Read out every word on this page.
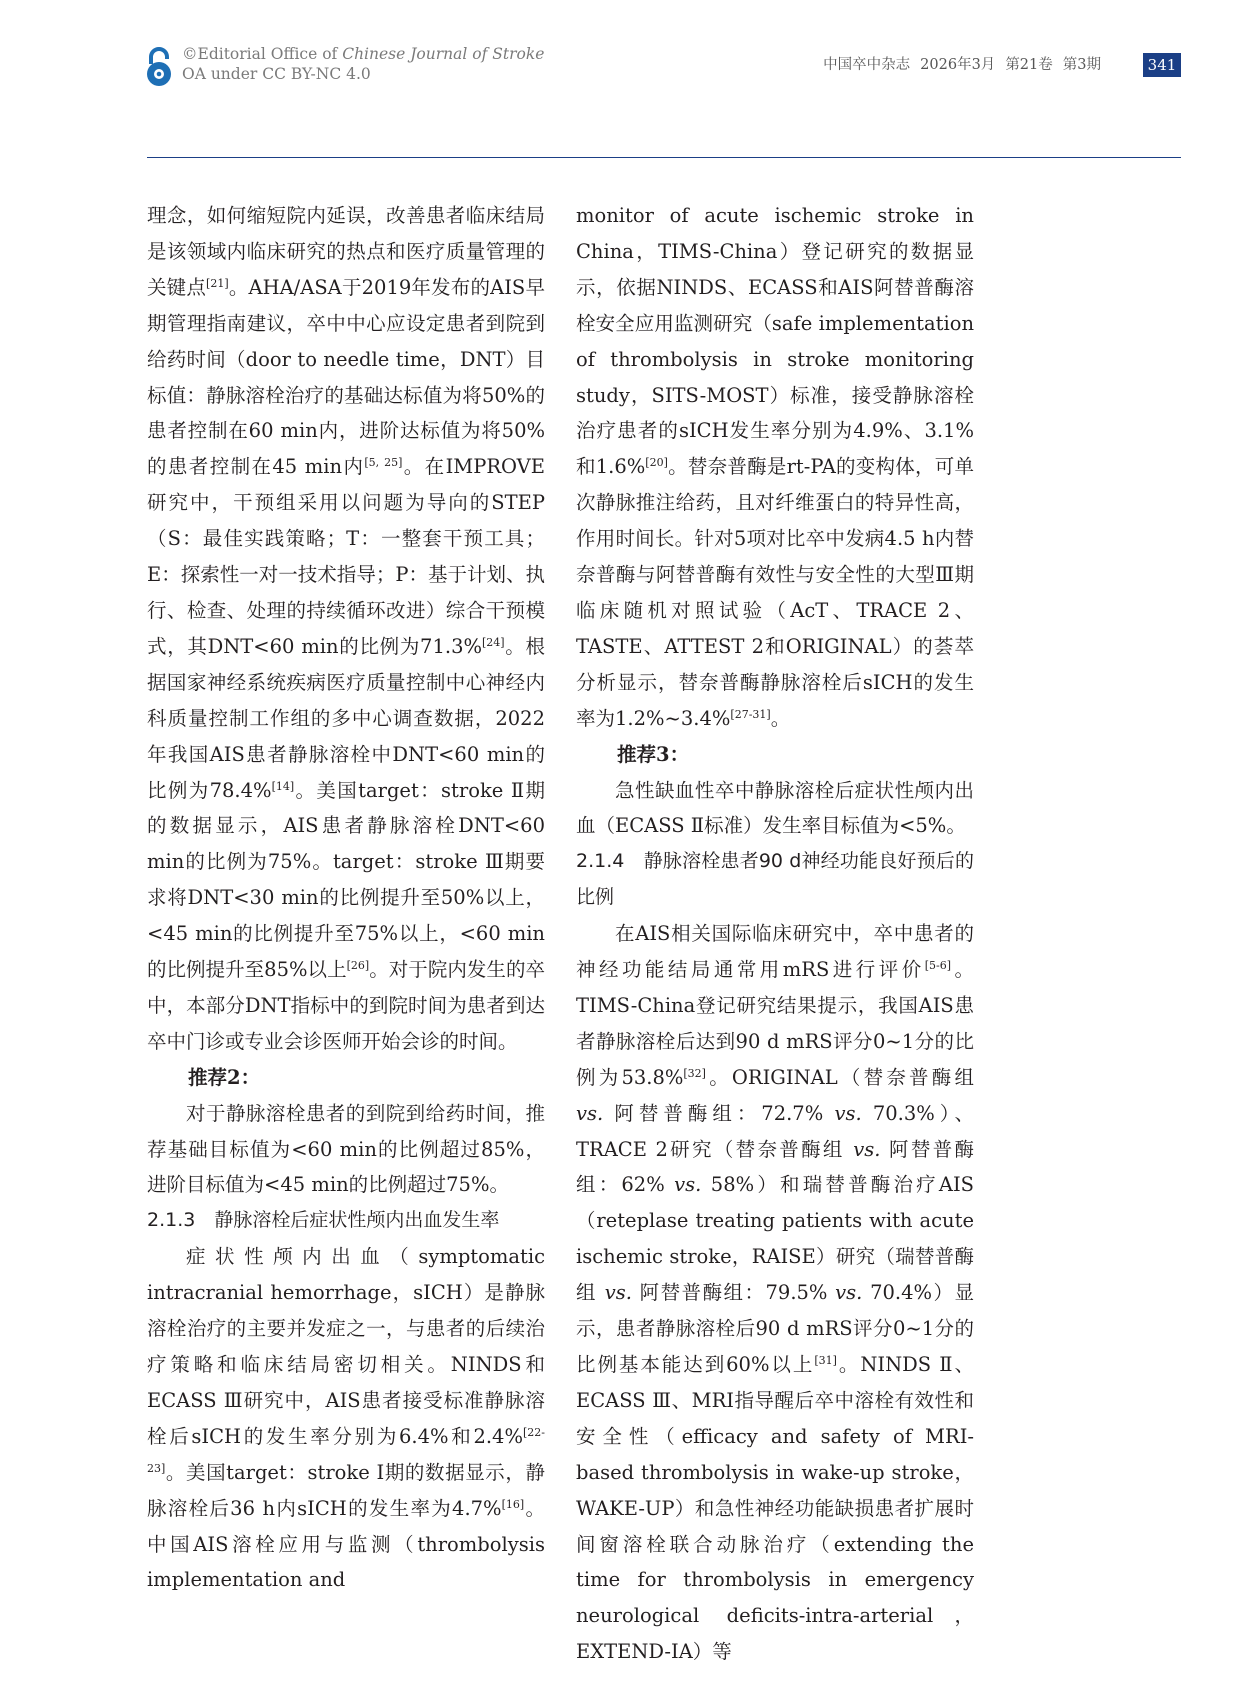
©Editorial Office of Chinese Journal of Stroke
OA under CC BY-NC 4.0	中国卒中杂志 2026年3月 第21卷 第3期	341

理念，如何缩短院内延误，改善患者临床结局是该领域内临床研究的热点和医疗质量管理的关键点[21]。AHA/ASA于2019年发布的AIS早期管理指南建议，卒中中心应设定患者到院到给药时间（door to needle time，DNT）目标值：静脉溶栓治疗的基础达标值为将50%的患者控制在60 min内，进阶达标值为将50%的患者控制在45 min内[5, 25]。在IMPROVE研究中，干预组采用以问题为导向的STEP（S：最佳实践策略；T：一整套干预工具；E：探索性一对一技术指导；P：基于计划、执行、检查、处理的持续循环改进）综合干预模式，其DNT<60 min的比例为71.3%[24]。根据国家神经系统疾病医疗质量控制中心神经内科质量控制工作组的多中心调查数据，2022年我国AIS患者静脉溶栓中DNT<60 min的比例为78.4%[14]。美国target：stroke Ⅱ期的数据显示，AIS患者静脉溶栓DNT<60 min的比例为75%。target：stroke Ⅲ期要求将DNT<30 min的比例提升至50%以上，<45 min的比例提升至75%以上，<60 min的比例提升至85%以上[26]。对于院内发生的卒中，本部分DNT指标中的到院时间为患者到达卒中门诊或专业会诊医师开始会诊的时间。

推荐2：

对于静脉溶栓患者的到院到给药时间，推荐基础目标值为<60 min的比例超过85%，进阶目标值为<45 min的比例超过75%。

2.1.3　静脉溶栓后症状性颅内出血发生率

症状性颅内出血（symptomatic intracranial hemorrhage，sICH）是静脉溶栓治疗的主要并发症之一，与患者的后续治疗策略和临床结局密切相关。NINDS和ECASS Ⅲ研究中，AIS患者接受标准静脉溶栓后sICH的发生率分别为6.4%和2.4%[22-23]。美国target：stroke Ⅰ期的数据显示，静脉溶栓后36 h内sICH的发生率为4.7%[16]。中国AIS溶栓应用与监测（thrombolysis implementation and

monitor of acute ischemic stroke in China，TIMS-China）登记研究的数据显示，依据NINDS、ECASS和AIS阿替普酶溶栓安全应用监测研究（safe implementation of thrombolysis in stroke monitoring study，SITS-MOST）标准，接受静脉溶栓治疗患者的sICH发生率分别为4.9%、3.1%和1.6%[20]。替奈普酶是rt-PA的变构体，可单次静脉推注给药，且对纤维蛋白的特异性高，作用时间长。针对5项对比卒中发病4.5 h内替奈普酶与阿替普酶有效性与安全性的大型Ⅲ期临床随机对照试验（AcT、TRACE 2、TASTE、ATTEST 2和ORIGINAL）的荟萃分析显示，替奈普酶静脉溶栓后sICH的发生率为1.2%~3.4%[27-31]。

推荐3：

急性缺血性卒中静脉溶栓后症状性颅内出血（ECASS Ⅱ标准）发生率目标值为<5%。

2.1.4　静脉溶栓患者90 d神经功能良好预后的比例

在AIS相关国际临床研究中，卒中患者的神经功能结局通常用mRS进行评价[5-6]。TIMS-China登记研究结果提示，我国AIS患者静脉溶栓后达到90 d mRS评分0~1分的比例为53.8%[32]。ORIGINAL（替奈普酶组 vs. 阿替普酶组：72.7% vs. 70.3%）、TRACE 2研究（替奈普酶组 vs. 阿替普酶组：62% vs. 58%）和瑞替普酶治疗AIS（reteplase treating patients with acute ischemic stroke，RAISE）研究（瑞替普酶组 vs. 阿替普酶组：79.5% vs. 70.4%）显示，患者静脉溶栓后90 d mRS评分0~1分的比例基本能达到60%以上[31]。NINDS Ⅱ、ECASS Ⅲ、MRI指导醒后卒中溶栓有效性和安全性（efficacy and safety of MRI-based thrombolysis in wake-up stroke，WAKE-UP）和急性神经功能缺损患者扩展时间窗溶栓联合动脉治疗（extending the time for thrombolysis in emergency neurological deficits-intra-arterial，EXTEND-IA）等
